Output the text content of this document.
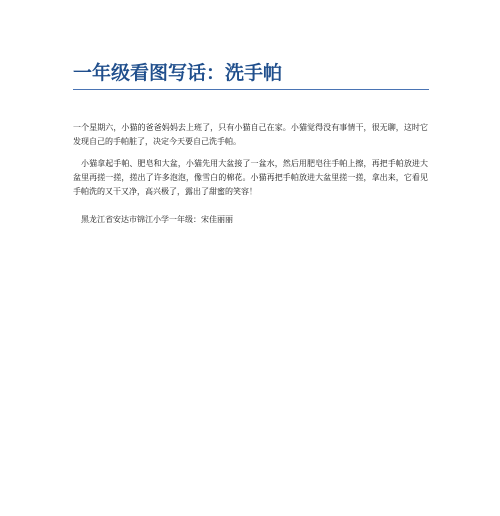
一年级看图写话：洗手帕
一个星期六，小猫的爸爸妈妈去上班了，只有小猫自己在家。小猫觉得没有事情干，很无聊，这时它发现自己的手帕脏了，决定今天要自己洗手帕。
小猫拿起手帕、肥皂和大盆，小猫先用大盆接了一盆水，然后用肥皂往手帕上擦，再把手帕放进大盆里再搓一搓，搓出了许多泡泡，像雪白的棉花。小猫再把手帕放进大盆里搓一搓，拿出来，它看见手帕洗的又干又净，高兴极了，露出了甜蜜的笑容！
黑龙江省安达市锦江小学一年级：宋佳丽丽
